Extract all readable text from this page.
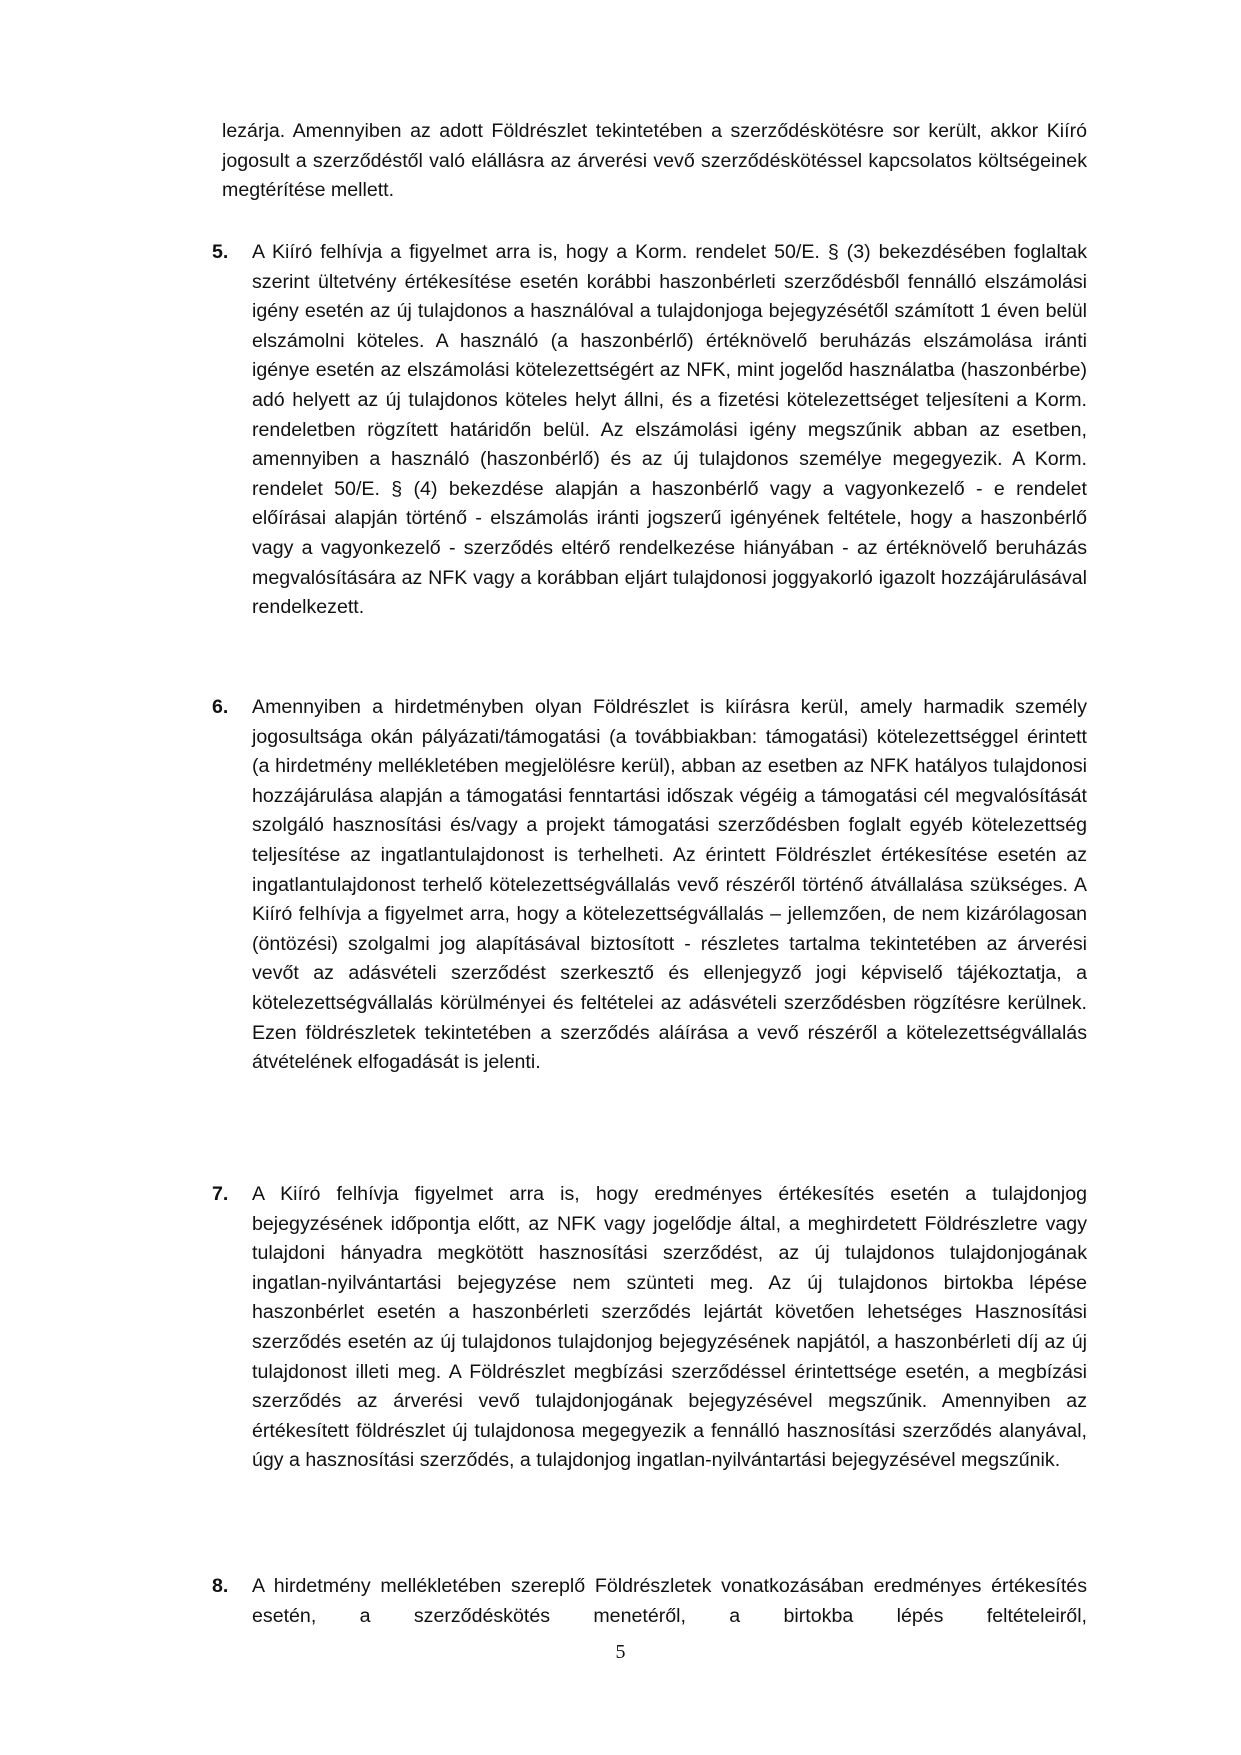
lezárja. Amennyiben az adott Földrészlet tekintetében a szerződéskötésre sor került, akkor Kiíró jogosult a szerződéstől való elállásra az árverési vevő szerződéskötéssel kapcsolatos költségeinek megtérítése mellett.
5. A Kiíró felhívja a figyelmet arra is, hogy a Korm. rendelet 50/E. § (3) bekezdésében foglaltak szerint ültetvény értékesítése esetén korábbi haszonbérleti szerződésből fennálló elszámolási igény esetén az új tulajdonos a használóval a tulajdonjoga bejegyzésétől számított 1 éven belül elszámolni köteles. A használó (a haszonbérlő) értéknövelő beruházás elszámolása iránti igénye esetén az elszámolási kötelezettségért az NFK, mint jogelőd használatba (haszonbérbe) adó helyett az új tulajdonos köteles helyt állni, és a fizetési kötelezettséget teljesíteni a Korm. rendeletben rögzített határidőn belül. Az elszámolási igény megszűnik abban az esetben, amennyiben a használó (haszonbérlő) és az új tulajdonos személye megegyezik. A Korm. rendelet 50/E. § (4) bekezdése alapján a haszonbérlő vagy a vagyonkezelő - e rendelet előírásai alapján történő - elszámolás iránti jogszerű igényének feltétele, hogy a haszonbérlő vagy a vagyonkezelő - szerződés eltérő rendelkezése hiányában - az értéknövelő beruházás megvalósítására az NFK vagy a korábban eljárt tulajdonosi joggyakorló igazolt hozzájárulásával rendelkezett.
6. Amennyiben a hirdetményben olyan Földrészlet is kiírásra kerül, amely harmadik személy jogosultsága okán pályázati/támogatási (a továbbiakban: támogatási) kötelezettséggel érintett (a hirdetmény mellékletében megjelölésre kerül), abban az esetben az NFK hatályos tulajdonosi hozzájárulása alapján a támogatási fenntartási időszak végéig a támogatási cél megvalósítását szolgáló hasznosítási és/vagy a projekt támogatási szerződésben foglalt egyéb kötelezettség teljesítése az ingatlantulajdonost is terhelheti. Az érintett Földrészlet értékesítése esetén az ingatlantulajdonost terhelő kötelezettségvállalás vevő részéről történő átvállalása szükséges. A Kiíró felhívja a figyelmet arra, hogy a kötelezettségvállalás – jellemzően, de nem kizárólagosan (öntözési) szolgalmi jog alapításával biztosított - részletes tartalma tekintetében az árverési vevőt az adásvételi szerződést szerkesztő és ellenjegyző jogi képviselő tájékoztatja, a kötelezettségvállalás körülményei és feltételei az adásvételi szerződésben rögzítésre kerülnek. Ezen földrészletek tekintetében a szerződés aláírása a vevő részéről a kötelezettségvállalás átvételének elfogadását is jelenti.
7. A Kiíró felhívja figyelmet arra is, hogy eredményes értékesítés esetén a tulajdonjog bejegyzésének időpontja előtt, az NFK vagy jogelődje által, a meghirdetett Földrészletre vagy tulajdoni hányadra megkötött hasznosítási szerződést, az új tulajdonos tulajdonjogának ingatlan-nyilvántartási bejegyzése nem szünteti meg. Az új tulajdonos birtokba lépése haszonbérlet esetén a haszonbérleti szerződés lejártát követően lehetséges Hasznosítási szerződés esetén az új tulajdonos tulajdonjog bejegyzésének napjától, a haszonbérleti díj az új tulajdonost illeti meg. A Földrészlet megbízási szerződéssel érintettsége esetén, a megbízási szerződés az árverési vevő tulajdonjogának bejegyzésével megszűnik. Amennyiben az értékesített földrészlet új tulajdonosa megegyezik a fennálló hasznosítási szerződés alanyával, úgy a hasznosítási szerződés, a tulajdonjog ingatlan-nyilvántartási bejegyzésével megszűnik.
8. A hirdetmény mellékletében szereplő Földrészletek vonatkozásában eredményes értékesítés esetén, a szerződéskötés menetéről, a birtokba lépés feltételeiről,
5
